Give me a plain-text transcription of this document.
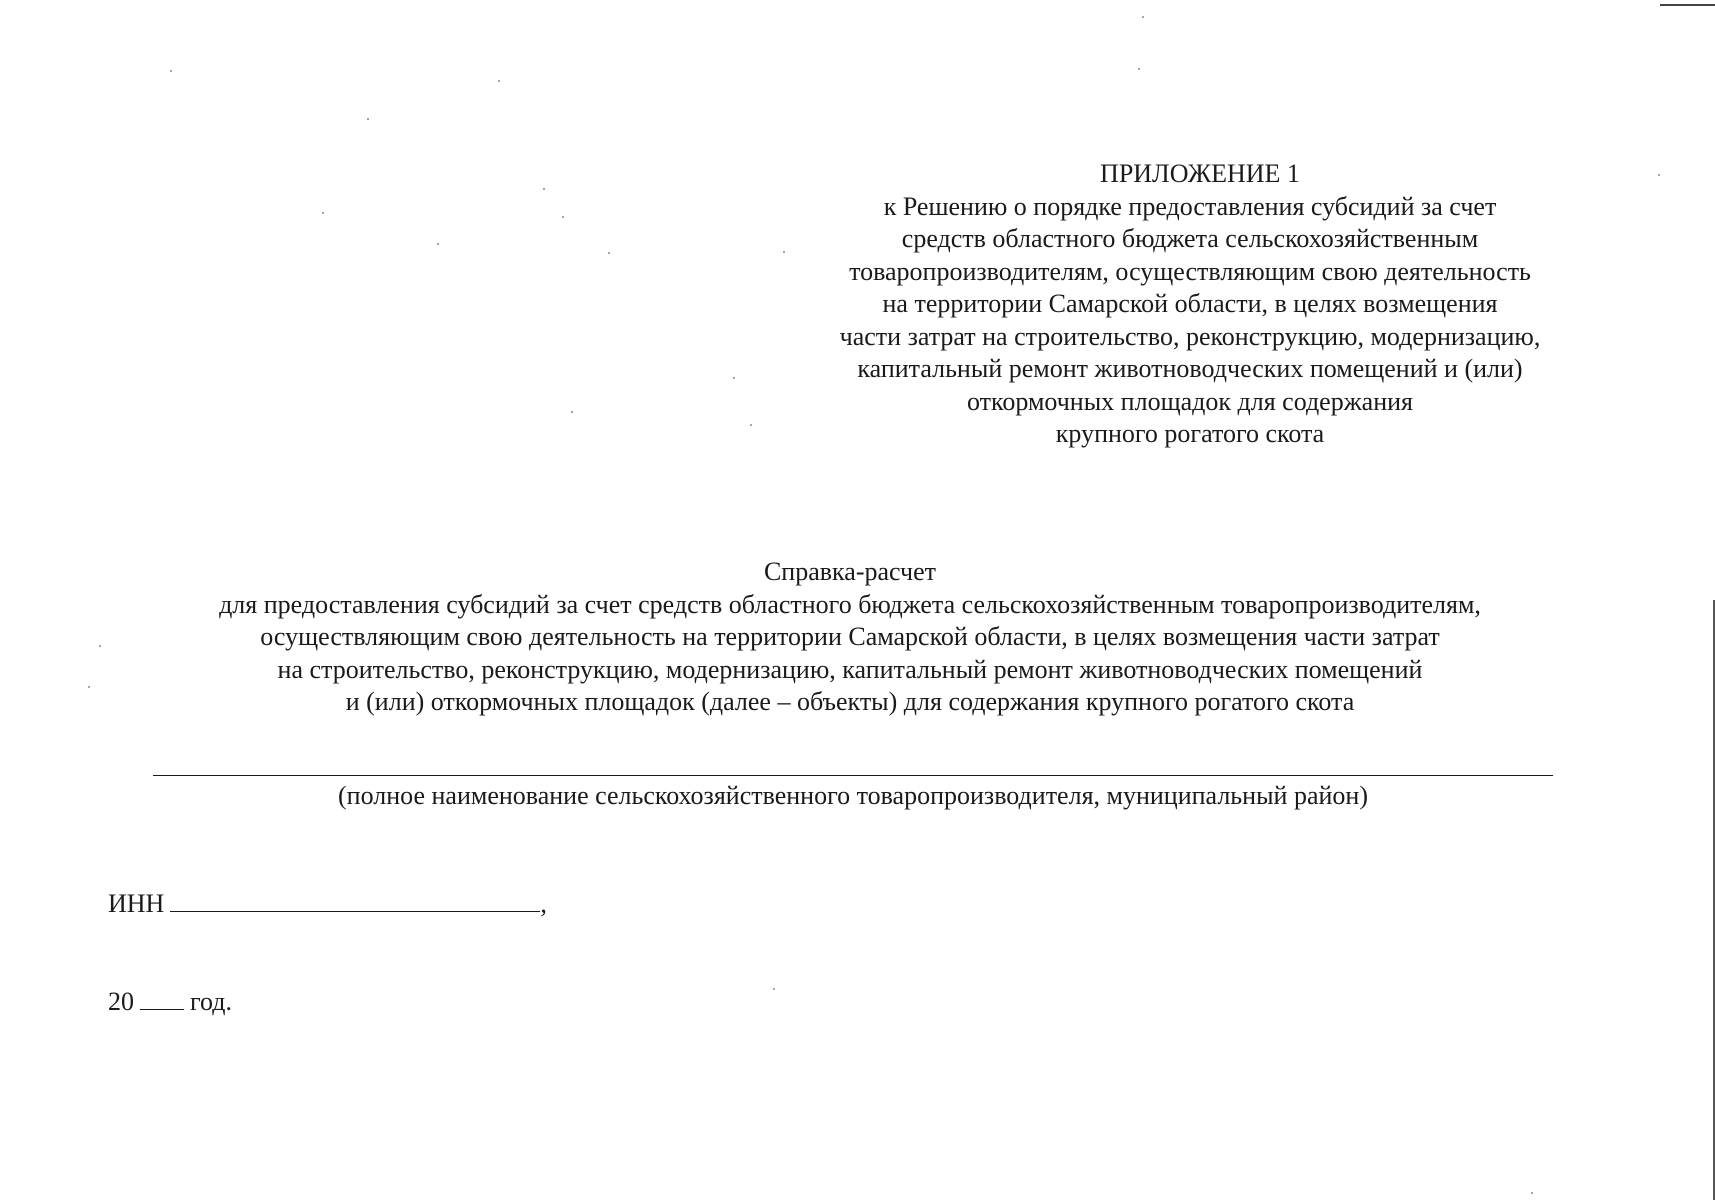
ПРИЛОЖЕНИЕ 1
к Решению о порядке предоставления субсидий за счет
средств областного бюджета сельскохозяйственным
товаропроизводителям, осуществляющим свою деятельность
на территории Самарской области, в целях возмещения
части затрат на строительство, реконструкцию, модернизацию,
капитальный ремонт животноводческих помещений и (или)
откормочных площадок для содержания
крупного рогатого скота
Справка-расчет
для предоставления субсидий за счет средств областного бюджета сельскохозяйственным товаропроизводителям,
осуществляющим свою деятельность на территории Самарской области, в целях возмещения части затрат
на строительство, реконструкцию, модернизацию, капитальный ремонт животноводческих помещений
и (или) откормочных площадок (далее – объекты) для содержания крупного рогатого скота
(полное наименование сельскохозяйственного товаропроизводителя, муниципальный район)
ИНН	,
20 год.
